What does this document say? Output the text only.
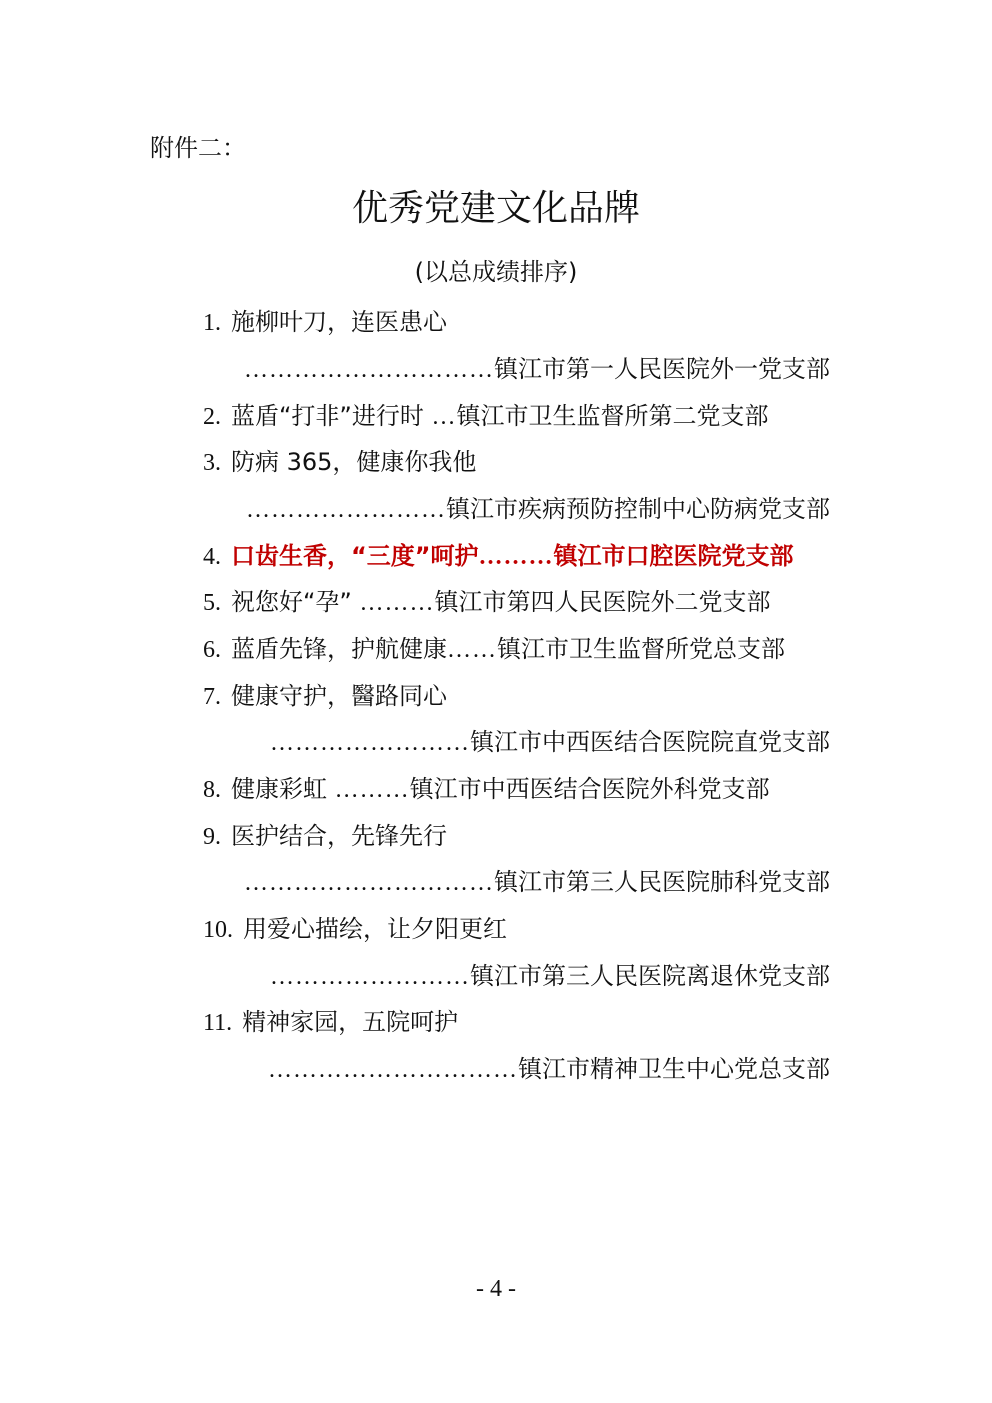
附件二：
优秀党建文化品牌
(以总成绩排序)
1. 施柳叶刀，连医患心
…………………………镇江市第一人民医院外一党支部
2. 蓝盾“打非”进行时 …镇江市卫生监督所第二党支部
3. 防病 365，健康你我他
……………………镇江市疾病预防控制中心防病党支部
4. 口齿生香，“三度”呵护………镇江市口腔医院党支部
5. 祝您好“孕” ………镇江市第四人民医院外二党支部
6. 蓝盾先锋，护航健康……镇江市卫生监督所党总支部
7. 健康守护，醫路同心
……………………镇江市中西医结合医院院直党支部
8. 健康彩虹 ………镇江市中西医结合医院外科党支部
9. 医护结合，先锋先行
…………………………镇江市第三人民医院肺科党支部
10. 用爱心描绘，让夕阳更红
……………………镇江市第三人民医院离退休党支部
11. 精神家园，五院呵护
…………………………镇江市精神卫生中心党总支部
- 4 -
